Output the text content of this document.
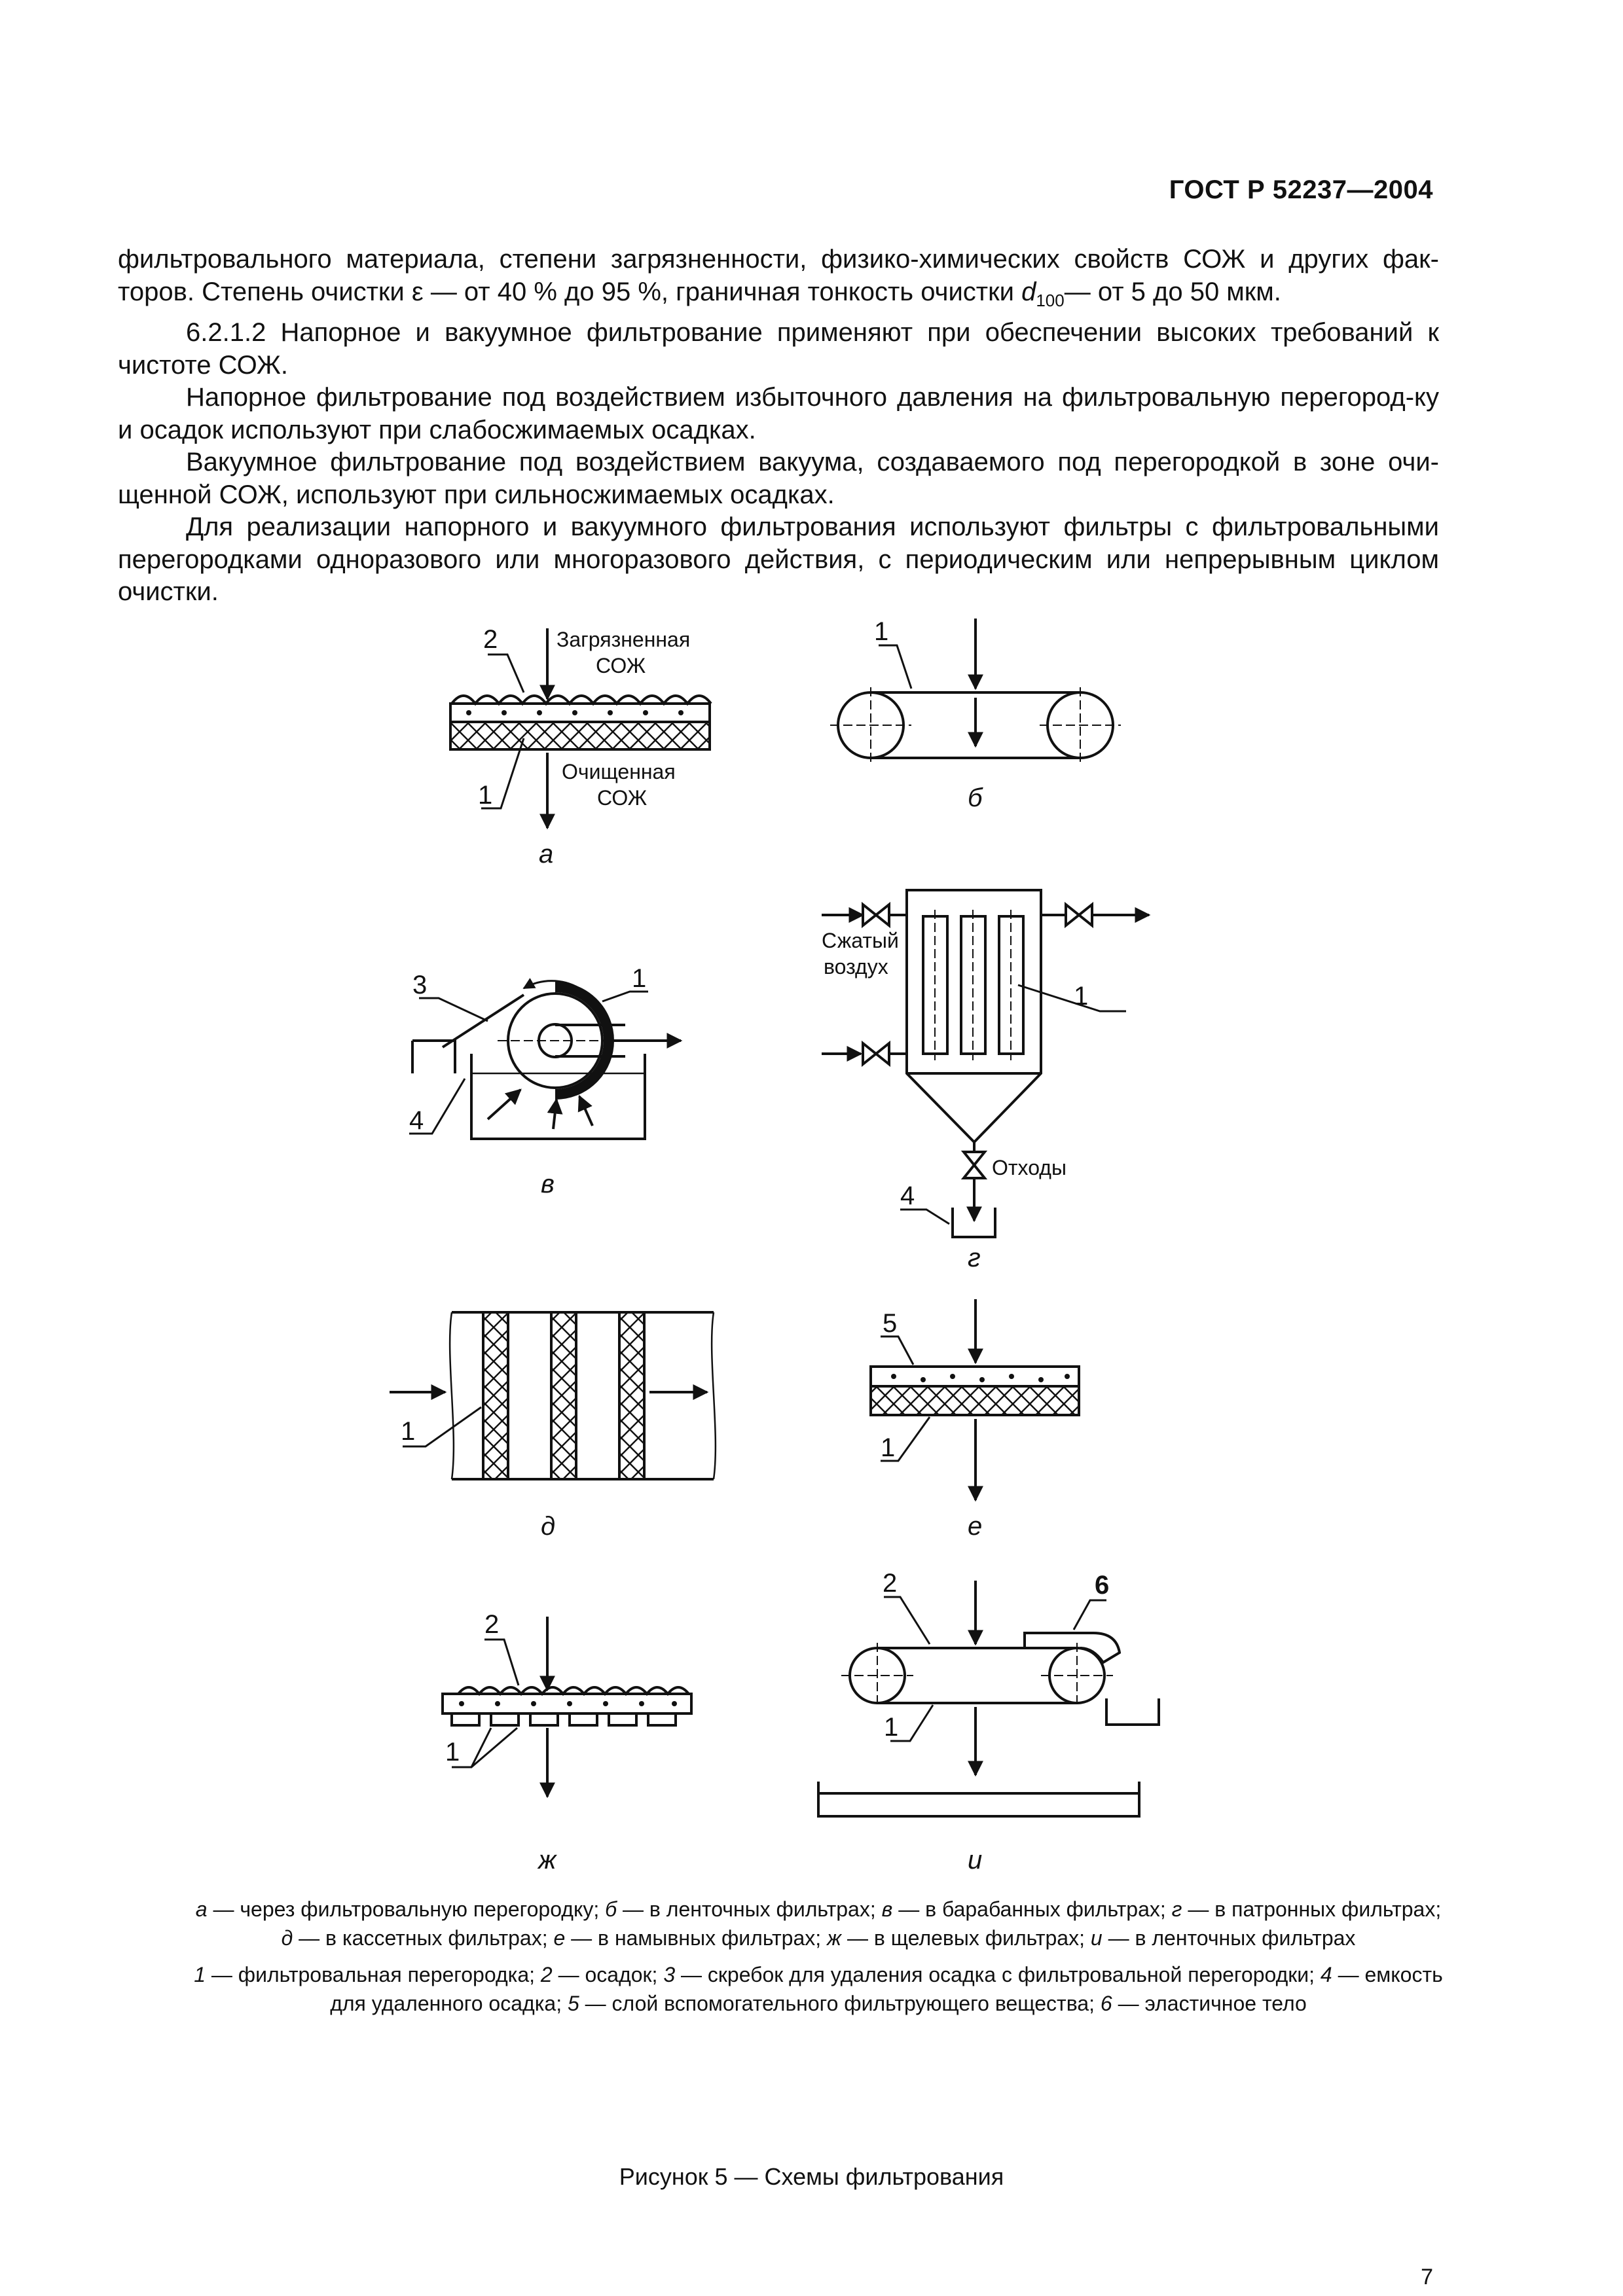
ГОСТ Р 52237—2004

фильтровального материала, степени загрязненности, физико-химических свойств СОЖ и других фак-торов. Степень очистки ε — от 40 % до 95 %, граничная тонкость очистки $d_{100}—$ от 5 до 50 мкм.

6.2.1.2 Напорное и вакуумное фильтрование применяют при обеспечении высоких требований к чистоте СОЖ.

Напорное фильтрование под воздействием избыточного давления на фильтровальную перегород-ку и осадок используют при слабосжимаемых осадках.

Вакуумное фильтрование под воздействием вакуума, создаваемого под перегородкой в зоне очи-щенной СОЖ, используют при сильносжимаемых осадках.

Для реализации напорного и вакуумного фильтрования используют фильтры с фильтровальными перегородками одноразового или многоразового действия, с периодическим или непрерывным циклом очистки.

2
1
Загрязненная
СОЖ
Очищенная
СОЖ
а
1
б
3	1
4
в
Сжатый
воздух
1
Отходы
4
г
1
д
5
1
е
2
1
ж
2	6
1
и
а — через фильтровальную перегородку; б — в ленточных фильтрах; в — в барабанных фильтрах; г — в патронных фильтрах;
д — в кассетных фильтрах; е — в намывных фильтрах; ж — в щелевых фильтрах; и — в ленточных фильтрах
1 — фильтровальная перегородка; 2 — осадок; 3 — скребок для удаления осадка с фильтровальной перегородки; 4 — емкость
для удаленного осадка; 5 — слой вспомогательного фильтрующего вещества; 6 — эластичное тело
Рисунок 5 — Схемы фильтрования
7
